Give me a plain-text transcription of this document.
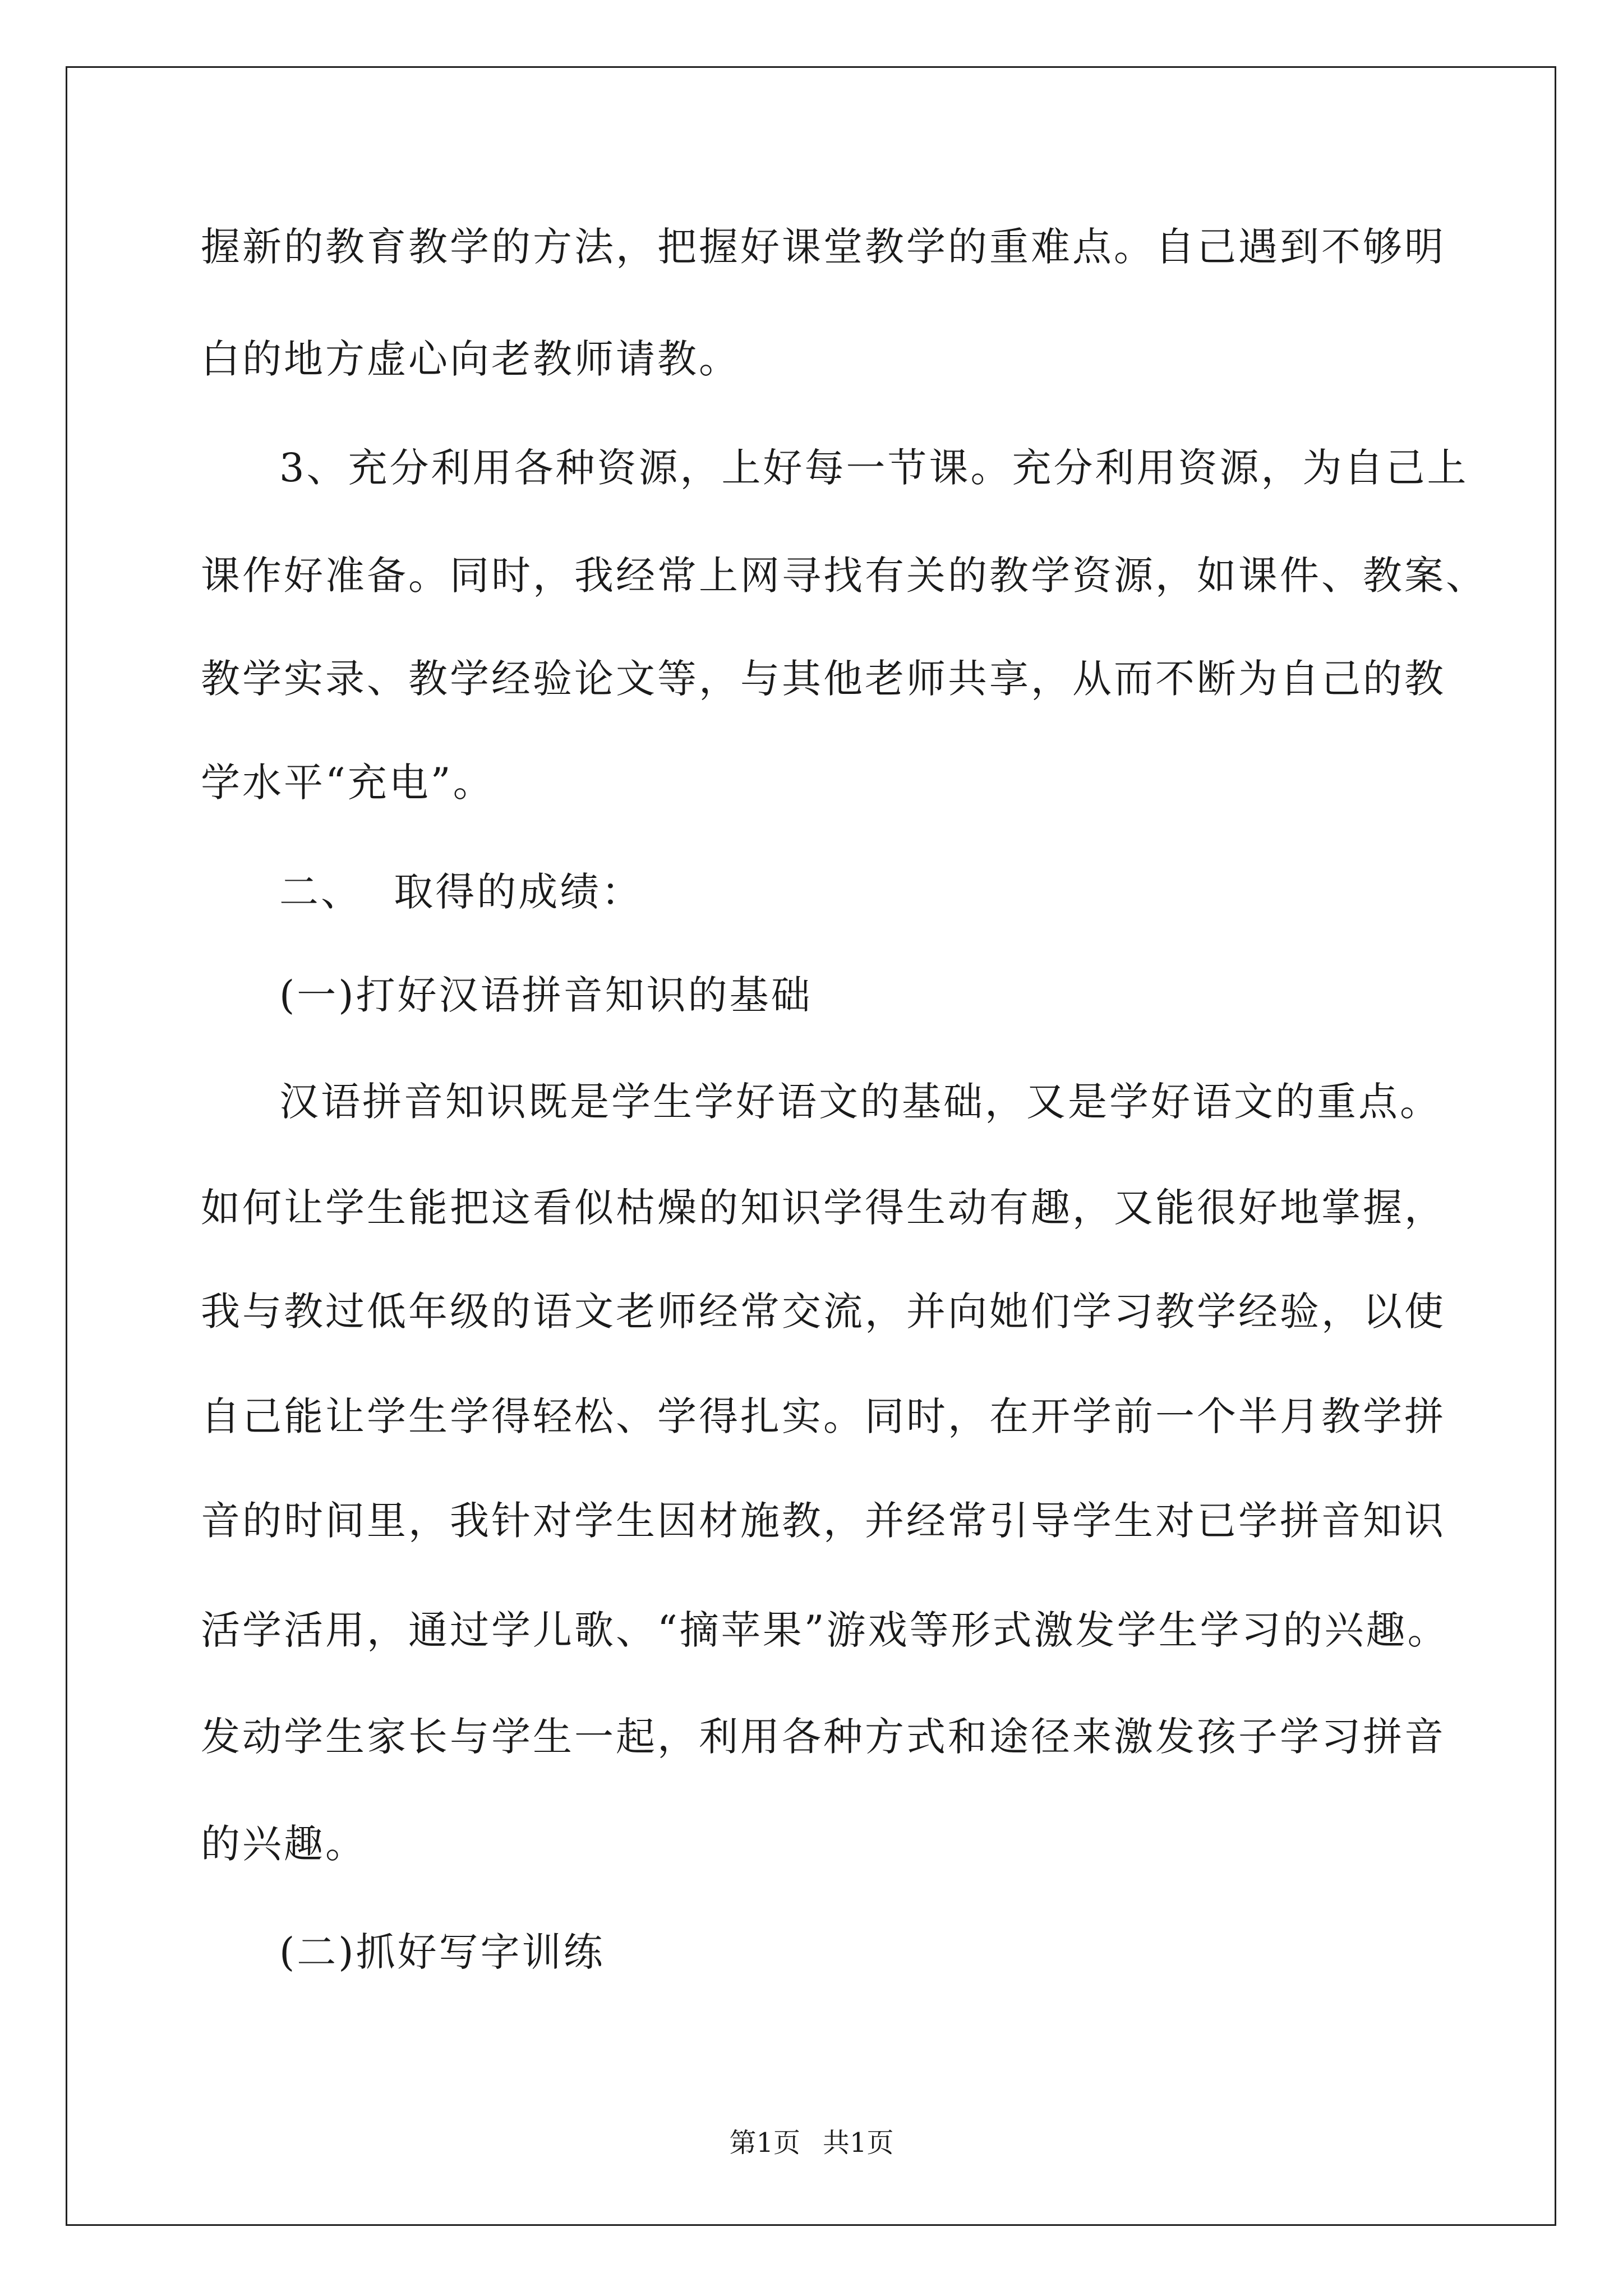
握新的教育教学的方法，把握好课堂教学的重难点。自己遇到不够明
白的地方虚心向老教师请教。
3、充分利用各种资源，上好每一节课。充分利用资源，为自己上
课作好准备。同时，我经常上网寻找有关的教学资源，如课件、教案、
教学实录、教学经验论文等，与其他老师共享，从而不断为自己的教
学水平“充电”。
二、 取得的成绩：
(一)打好汉语拼音知识的基础
汉语拼音知识既是学生学好语文的基础，又是学好语文的重点。
如何让学生能把这看似枯燥的知识学得生动有趣，又能很好地掌握，
我与教过低年级的语文老师经常交流，并向她们学习教学经验，以使
自己能让学生学得轻松、学得扎实。同时，在开学前一个半月教学拼
音的时间里，我针对学生因材施教，并经常引导学生对已学拼音知识
活学活用，通过学儿歌、“摘苹果”游戏等形式激发学生学习的兴趣。
发动学生家长与学生一起，利用各种方式和途径来激发孩子学习拼音
的兴趣。
(二)抓好写字训练
第1页 共1页
